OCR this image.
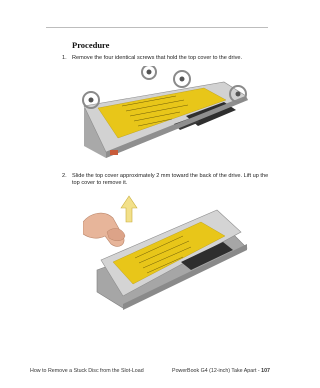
Procedure
1. Remove the four identical screws that hold the top cover to the drive.
2. Slide the top cover approximately 2 mm toward the back of the drive. Lift up the top cover to remove it.
How to Remove a Stuck Disc from the Slot-Load	PowerBook G4 (12-inch) Take Apart - 107
